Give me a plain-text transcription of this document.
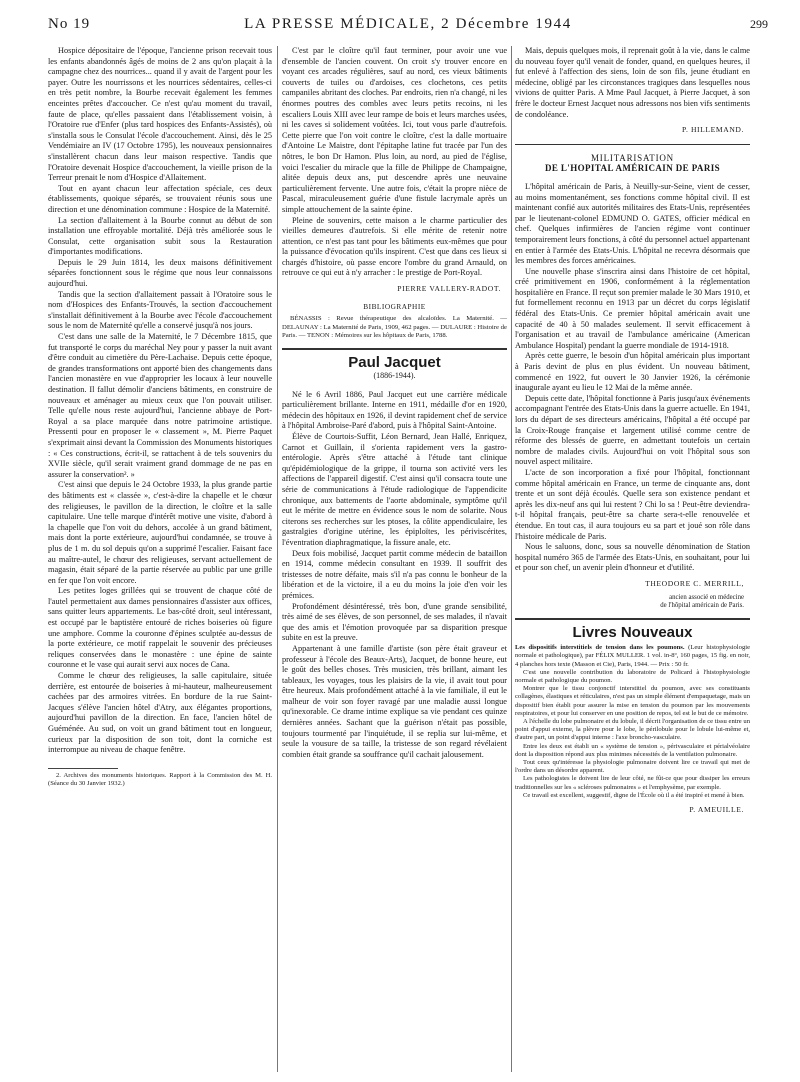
No 19	LA PRESSE MÉDICALE, 2 Décembre 1944	299

Hospice dépositaire de l'époque, l'ancienne prison recevait tous les enfants abandonnés âgés de moins de 2 ans qu'on plaçait à la campagne chez des nourrices... quand il y avait de l'argent pour les payer. Outre les nourrissons et les nourrices sédentaires, celles-ci en très petit nombre, la Bourbe recevait également les femmes enceintes prêtes d'accoucher. Ce n'est qu'au moment du travail, faute de place, qu'elles passaient dans l'établissement voisin, à l'Oratoire rue d'Enfer (plus tard hospices des Enfants-Assistés), où s'installa sous le Consulat l'école d'accouchement. Ainsi, dès le 25 Vendémiaire an IV (17 Octobre 1795), les nouveaux pensionnaires s'installèrent chacun dans leur maison respective. Tandis que l'Oratoire devenait Hospice d'accouchement, la vieille prison de la Terreur prenait le nom d'Hospice d'Allaitement.

Tout en ayant chacun leur affectation spéciale, ces deux établissements, quoique séparés, se trouvaient réunis sous une direction et une dénomination commune : Hospice de la Maternité.

La section d'allaitement à la Bourbe connut au début de son installation une effroyable mortalité. Déjà très améliorée sous le Consulat, cette organisation subit sous la Restauration d'importantes modifications.

Depuis le 29 Juin 1814, les deux maisons définitivement séparées fonctionnent sous le régime que nous leur connaissons aujourd'hui.

Tandis que la section d'allaitement passait à l'Oratoire sous le nom d'Hospices des Enfants-Trouvés, la section d'accouchement s'installait définitivement à la Bourbe avec l'école d'accouchement sous le nom de Maternité qu'elle a conservé jusqu'à nos jours.

C'est dans une salle de la Maternité, le 7 Décembre 1815, que fut transporté le corps du maréchal Ney pour y passer la nuit avant d'être conduit au cimetière du Père-Lachaise. Depuis cette époque, de grandes transformations ont apporté bien des changements dans l'ancien monastère en vue d'approprier les locaux à leur nouvelle destination. Il fallut démolir d'anciens bâtiments, en construire de nouveaux et aménager au mieux ceux que l'on pouvait utiliser. Telle qu'elle nous reste aujourd'hui, l'ancienne abbaye de Port-Royal a sa place marquée dans notre patrimoine artistique. Pressenti pour en proposer le « classement », M. Pierre Paquet s'exprimait ainsi devant la Commission des Monuments historiques : « Ces constructions, écrit-il, se rattachent à de tels souvenirs du XVIIe siècle, qu'il serait vraiment grand dommage de ne pas en assurer la conservation². »

C'est ainsi que depuis le 24 Octobre 1933, la plus grande partie des bâtiments est « classée », c'est-à-dire la chapelle et le chœur des religieuses, le pavillon de la direction, le cloître et la salle capitulaire. Une telle marque d'intérêt motive une visite, d'abord à la chapelle que l'on voit du dehors, accolée à un grand bâtiment, mais dont la porte extérieure, aujourd'hui condamnée, se trouve à plus de 1 m. du sol depuis qu'on a supprimé l'escalier. Faisant face au maître-autel, le chœur des religieuses, servant actuellement de magasin, était séparé de la partie réservée au public par une grille en fer que l'on voit encore.

Les petites loges grillées qui se trouvent de chaque côté de l'autel permettaient aux dames pensionnaires d'assister aux offices, sans quitter leurs appartements. Le bas-côté droit, seul intéressant, est occupé par le baptistère entouré de riches boiseries où figure une amphore. Comme la couronne d'épines sculptée au-dessus de la porte extérieure, ce motif rappelait le souvenir des précieuses reliques conservées dans le monastère : une épine de sainte couronne et le vase qui aurait servi aux noces de Cana.

Comme le chœur des religieuses, la salle capitulaire, située derrière, est entourée de boiseries à mi-hauteur, malheureusement cachées par des armoires vitrées. En bordure de la rue Saint-Jacques s'élève l'ancien hôtel d'Atry, aux élégantes proportions, aujourd'hui pavillon de la direction. En face, l'ancien hôtel de Guéménée. Au sud, on voit un grand bâtiment tout en longueur, curieux par la disposition de son toit, dont la corniche est interrompue au niveau de chaque fenêtre.

2. Archives des monuments historiques. Rapport à la Commission des M. H. (Séance du 30 Janvier 1932.)

C'est par le cloître qu'il faut terminer, pour avoir une vue d'ensemble de l'ancien couvent. On croit s'y trouver encore en voyant ces arcades régulières, sauf au nord, ces vieux bâtiments couverts de tuiles ou d'ardoises, ces clochetons, ces petits campaniles abritant des cloches. Par endroits, rien n'a changé, ni les énormes poutres des combles avec leurs petits recoins, ni les escaliers Louis XIII avec leur rampe de bois et leurs marches usées, ni les caves si solidement voûtées. Ici, tout vous parle d'autrefois. Cette pierre que l'on voit contre le cloître, c'est la dalle mortuaire d'Antoine Le Maistre, dont l'épitaphe latine fut tracée par l'un des nôtres, le bon Dr Hamon. Plus loin, au nord, au pied de l'église, voici l'escalier du miracle que la fille de Philippe de Champaigne, alitée depuis deux ans, put descendre après une neuvaine particulièrement fervente. Une autre fois, c'était la propre nièce de Pascal, miraculeusement guérie d'une fistule lacrymale après un simple attouchement de la sainte épine.

Pleine de souvenirs, cette maison a le charme particulier des vieilles demeures d'autrefois. Si elle mérite de retenir notre attention, ce n'est pas tant pour les bâtiments eux-mêmes que pour la puissance d'évocation qu'ils inspirent. C'est que dans ces lieux si chargés d'histoire, où passe encore l'ombre du grand Arnauld, on retrouve ce qui eut à n'y arracher : le prestige de Port-Royal.

PIERRE VALLERY-RADOT.
BIBLIOGRAPHIE

BÉNASSIS : Revue thérapeutique des alcaloïdes. La Maternité. — DELAUNAY : La Maternité de Paris, 1909, 462 pages. — DULAURE : Histoire de Paris. — TENON : Mémoires sur les hôpitaux de Paris, 1788.

Paul Jacquet
(1886-1944).

Né le 6 Avril 1886, Paul Jacquet eut une carrière médicale particulièrement brillante. Interne en 1911, médaille d'or en 1920, médecin des hôpitaux en 1926, il devint rapidement chef de service à l'hôpital Ambroise-Paré d'abord, puis à l'hôpital Saint-Antoine.

Élève de Courtois-Suffit, Léon Bernard, Jean Hallé, Enriquez, Carnot et Guillain, il s'orienta rapidement vers la gastro-entérologie. Après s'être attaché à l'étude tant clinique qu'épidémiologique de la grippe, il tourna son activité vers les affections de l'appareil digestif. C'est ainsi qu'il consacra toute une série de communications à l'étude radiologique de l'appendicite chronique, aux battements de l'aorte abdominale, symptôme qu'il eut le mérite de mettre en évidence sous le nom de solarite. Nous citerons ses recherches sur les ptoses, la côlite appendiculaire, les gastralgies d'origine utérine, les épiploïtes, les périviscérites, l'éventration diaphragmatique, la fissure anale, etc.

Deux fois mobilisé, Jacquet partit comme médecin de bataillon en 1914, comme médecin consultant en 1939. Il souffrit des tristesses de notre défaite, mais s'il n'a pas connu le bonheur de la libération et de la victoire, il a eu du moins la joie d'en voir les prémices.

Profondément désintéressé, très bon, d'une grande sensibilité, très aimé de ses élèves, de son personnel, de ses malades, il n'avait que des amis et l'émotion provoquée par sa disparition presque subite en est la preuve.

Appartenant à une famille d'artiste (son père était graveur et professeur à l'école des Beaux-Arts), Jacquet, de bonne heure, eut le goût des belles choses. Très musicien, très brillant, aimant les tableaux, les voyages, tous les plaisirs de la vie, il avait tout pour être heureux. Mais profondément attaché à la vie familiale, il eut le malheur de voir son foyer ravagé par une maladie aussi longue qu'inexorable. Ce drame intime explique sa vie pendant ces quinze dernières années. Sachant que la guérison n'était pas possible, toujours tourmenté par l'inquiétude, il se replia sur lui-même, et seule la vousure de sa taille, la tristesse de son regard révélaient combien était grande sa souffrance qu'il cachait jalousement.

Mais, depuis quelques mois, il reprenait goût à la vie, dans le calme du nouveau foyer qu'il venait de fonder, quand, en quelques heures, il fut enlevé à l'affection des siens, loin de son fils, jeune étudiant en médecine, obligé par les circonstances tragiques dans lesquelles nous vivions de quitter Paris. A Mme Paul Jacquet, à Pierre Jacquet, à son frère le docteur Ernest Jacquet nous adressons nos bien vifs sentiments de condoléance.

P. HILLEMAND.
MILITARISATION
DE L'HOPITAL AMÉRICAIN DE PARIS

L'hôpital américain de Paris, à Neuilly-sur-Seine, vient de cesser, au moins momentanément, ses fonctions comme hôpital civil. Il est maintenant confié aux autorités militaires des Etats-Unis, représentées par le lieutenant-colonel EDMUND O. GATES, officier médical en chef. Quelques infirmières de l'ancien régime vont continuer temporairement leurs fonctions, à côté du personnel actuel appartenant en entier à l'armée des Etats-Unis. L'hôpital ne recevra désormais que les membres des forces américaines.

Une nouvelle phase s'inscrira ainsi dans l'histoire de cet hôpital, créé primitivement en 1906, conformément à la réglementation hospitalière en France. Il reçut son premier malade le 30 Mars 1910, et fut formellement reconnu en 1913 par un décret du corps législatif fédéral des Etats-Unis. Ce premier hôpital américain avait une capacité de 40 à 50 malades seulement. Il servit efficacement à l'organisation et au travail de l'ambulance américaine (American Ambulance Hospital) pendant la guerre mondiale de 1914-1918.

Après cette guerre, le besoin d'un hôpital américain plus important à Paris devint de plus en plus évident. Un nouveau bâtiment, commencé en 1922, fut ouvert le 30 Janvier 1926, la cérémonie inaugurale ayant eu lieu le 12 Mai de la même année.

Depuis cette date, l'hôpital fonctionne à Paris jusqu'aux événements accompagnant l'entrée des Etats-Unis dans la guerre actuelle. En 1941, lors du départ de ses directeurs américains, l'hôpital a été occupé par la Croix-Rouge française et largement utilisé comme centre de réforme des blessés de guerre, en admettant toutefois un certain nombre de malades civils. Aujourd'hui on voit l'hôpital sous son nouvel aspect militaire.

L'acte de son incorporation a fixé pour l'hôpital, fonctionnant comme hôpital américain en France, un terme de cinquante ans, dont trente et un sont déjà écoulés. Quelle sera son existence pendant et après les dix-neuf ans qui lui restent ? Chi lo sa ! Peut-être deviendra-t-il hôpital français, peut-être sa charte sera-t-elle renouvelée et étendue. En tout cas, il aura toujours eu sa part et joué son rôle dans l'histoire médicale de Paris.

Nous le saluons, donc, sous sa nouvelle dénomination de Station hospital numéro 365 de l'armée des Etats-Unis, en souhaitant, pour lui et pour son chef, un avenir plein d'honneur et d'utilité.

THEODORE C. MERRILL,
ancien associé en médecine
de l'hôpital américain de Paris.
Livres Nouveaux
Les dispositifs interstitiels de tension dans les poumons. (Leur histophysiologie normale et pathologique), par FÉLIX MULLER. 1 vol. in-8º, 160 pages, 15 fig. en noir, 4 planches hors texte (Masson et Cie), Paris, 1944. — Prix : 50 fr.

C'est une nouvelle contribution du laboratoire de Policard à l'histophysiologie normale et pathologique du poumon.

Montrer que le tissu conjonctif interstitiel du poumon, avec ses constituants collagènes, élastiques et réticulaires, n'est pas un simple élément d'empaquetage, mais un dispositif bien établi pour assurer la mise en tension du poumon par les mouvements respiratoires, et pour lui conserver en une position de repos, tel est le but de ce mémoire.

A l'échelle du lobe pulmonaire et du lobule, il décrit l'organisation de ce tissu entre un point d'appui externe, la plèvre pour le lobe, le périlobule pour le lobule lui-même et, d'autre part, un point d'appui interne : l'axe broncho-vasculaire.

Entre les deux est établi un « système de tension », périvasculaire et périalvéolaire dont la disposition répond aux plus minimes nécessités de la ventilation pulmonaire.

Tout ceux qu'intéresse la physiologie pulmonaire doivent lire ce travail qui met de l'ordre dans un désordre apparent.

Les pathologistes le doivent lire de leur côté, ne fût-ce que pour dissiper les erreurs traditionnelles sur les « scléroses pulmonaires » et l'emphysème, par exemple.

Ce travail est excellent, suggestif, digne de l'École où il a été inspiré et mené à bien.

P. AMEUILLE.
